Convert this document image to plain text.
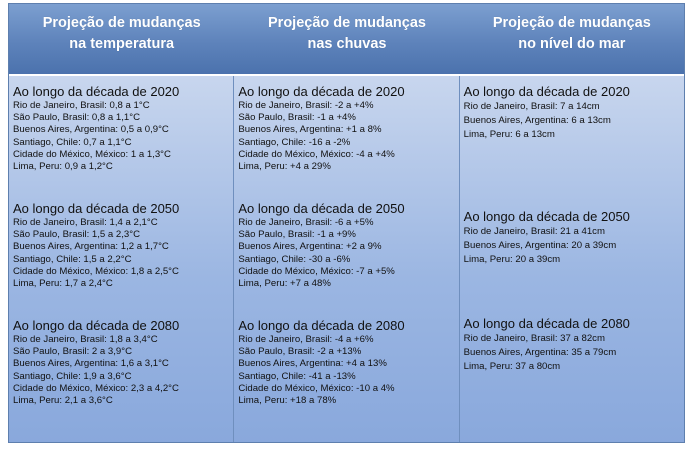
Projeção de mudanças
na temperatura
Projeção de mudanças
nas chuvas
Projeção de mudanças
no nível do mar
Ao longo da década de 2020
Rio de Janeiro, Brasil: 0,8 a 1°C
São Paulo, Brasil: 0,8 a 1,1°C
Buenos Aires, Argentina: 0,5 a 0,9°C
Santiago, Chile: 0,7 a 1,1°C
Cidade do México, México: 1 a 1,3°C
Lima, Peru: 0,9 a 1,2°C
Ao longo da década de 2050
Rio de Janeiro, Brasil: 1,4 a 2,1°C
São Paulo, Brasil: 1,5 a 2,3°C
Buenos Aires, Argentina: 1,2 a 1,7°C
Santiago, Chile: 1,5 a 2,2°C
Cidade do México, México: 1,8 a 2,5°C
Lima, Peru: 1,7 a 2,4°C
Ao longo da década de 2080
Rio de Janeiro, Brasil: 1,8 a 3,4°C
São Paulo, Brasil: 2 a 3,9°C
Buenos Aires, Argentina: 1,6 a 3,1°C
Santiago, Chile: 1,9 a 3,6°C
Cidade do México, México: 2,3 a 4,2°C
Lima, Peru: 2,1 a 3,6°C
Ao longo da década de 2020
Rio de Janeiro, Brasil: -2 a +4%
São Paulo, Brasil: -1 a +4%
Buenos Aires, Argentina: +1 a 8%
Santiago, Chile: -16 a -2%
Cidade do México, México: -4 a +4%
Lima, Peru: +4 a 29%
Ao longo da década de 2050
Rio de Janeiro, Brasil: -6 a +5%
São Paulo, Brasil: -1 a +9%
Buenos Aires, Argentina: +2 a 9%
Santiago, Chile: -30 a -6%
Cidade do México, México: -7 a +5%
Lima, Peru: +7 a 48%
Ao longo da década de 2080
Rio de Janeiro, Brasil: -4 a +6%
São Paulo, Brasil: -2 a +13%
Buenos Aires, Argentina: +4 a 13%
Santiago, Chile: -41 a -13%
Cidade do México, México: -10 a 4%
Lima, Peru: +18 a 78%
Ao longo da década de 2020
Rio de Janeiro, Brasil: 7 a 14cm
Buenos Aires, Argentina: 6 a 13cm
Lima, Peru: 6 a 13cm
Ao longo da década de 2050
Rio de Janeiro, Brasil: 21 a 41cm
Buenos Aires, Argentina: 20 a 39cm
Lima, Peru: 20 a 39cm
Ao longo da década de 2080
Rio de Janeiro, Brasil: 37 a 82cm
Buenos Aires, Argentina: 35 a 79cm
Lima, Peru: 37 a 80cm
